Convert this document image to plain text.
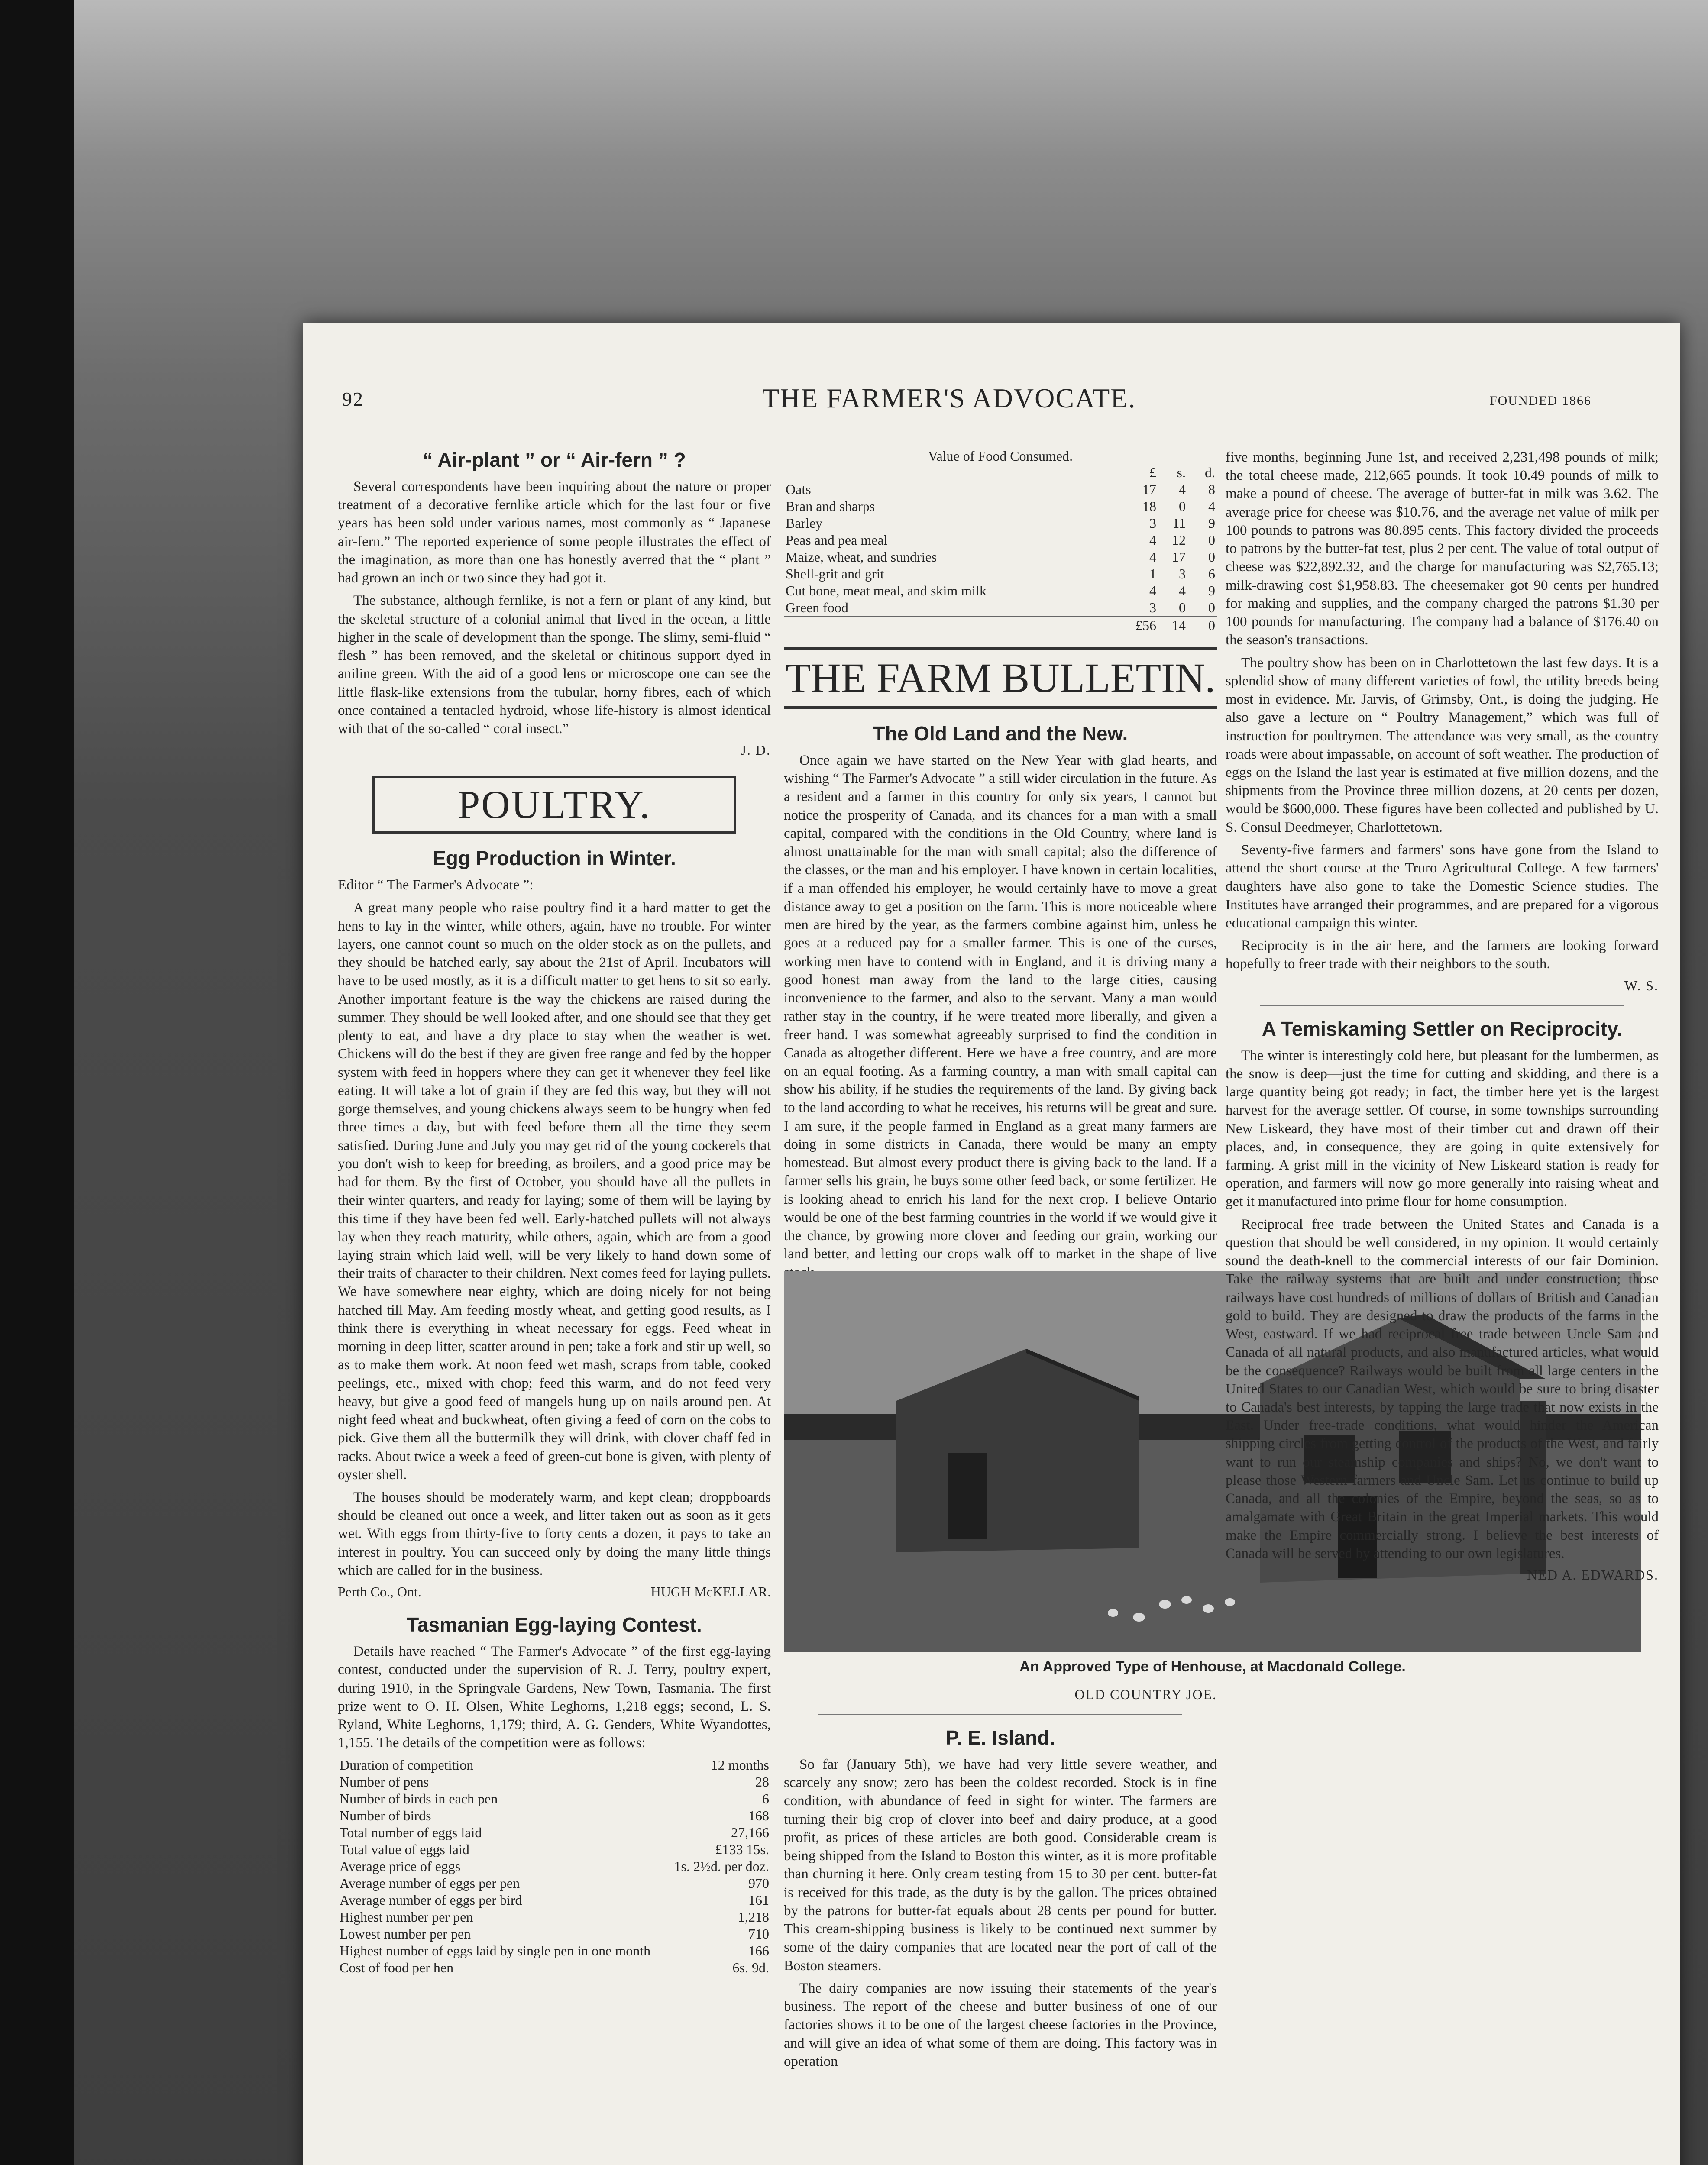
92	THE FARMER'S ADVOCATE.	FOUNDED 1866
“ Air-plant ” or “ Air-fern ” ?

Several correspondents have been inquiring about the nature or proper treatment of a decorative fernlike article which for the last four or five years has been sold under various names, most commonly as “ Japanese air-fern.” The reported experience of some people illustrates the effect of the imagination, as more than one has honestly averred that the “ plant ” had grown an inch or two since they had got it.

The substance, although fernlike, is not a fern or plant of any kind, but the skeletal structure of a colonial animal that lived in the ocean, a little higher in the scale of development than the sponge. The slimy, semi-fluid “ flesh ” has been removed, and the skeletal or chitinous support dyed in aniline green. With the aid of a good lens or microscope one can see the little flask-like extensions from the tubular, horny fibres, each of which once contained a tentacled hydroid, whose life-history is almost identical with that of the so-called “ coral insect.”

J. D.
POULTRY.
Egg Production in Winter.

Editor “ The Farmer's Advocate ”:

A great many people who raise poultry find it a hard matter to get the hens to lay in the winter, while others, again, have no trouble. For winter layers, one cannot count so much on the older stock as on the pullets, and they should be hatched early, say about the 21st of April. Incubators will have to be used mostly, as it is a difficult matter to get hens to sit so early. Another important feature is the way the chickens are raised during the summer. They should be well looked after, and one should see that they get plenty to eat, and have a dry place to stay when the weather is wet. Chickens will do the best if they are given free range and fed by the hopper system with feed in hoppers where they can get it whenever they feel like eating. It will take a lot of grain if they are fed this way, but they will not gorge themselves, and young chickens always seem to be hungry when fed three times a day, but with feed before them all the time they seem satisfied. During June and July you may get rid of the young cockerels that you don't wish to keep for breeding, as broilers, and a good price may be had for them. By the first of October, you should have all the pullets in their winter quarters, and ready for laying; some of them will be laying by this time if they have been fed well. Early-hatched pullets will not always lay when they reach maturity, while others, again, which are from a good laying strain which laid well, will be very likely to hand down some of their traits of character to their children. Next comes feed for laying pullets. We have somewhere near eighty, which are doing nicely for not being hatched till May. Am feeding mostly wheat, and getting good results, as I think there is everything in wheat necessary for eggs. Feed wheat in morning in deep litter, scatter around in pen; take a fork and stir up well, so as to make them work. At noon feed wet mash, scraps from table, cooked peelings, etc., mixed with chop; feed this warm, and do not feed very heavy, but give a good feed of mangels hung up on nails around pen. At night feed wheat and buckwheat, often giving a feed of corn on the cobs to pick. Give them all the buttermilk they will drink, with clover chaff fed in racks. About twice a week a feed of green-cut bone is given, with plenty of oyster shell.

The houses should be moderately warm, and kept clean; droppboards should be cleaned out once a week, and litter taken out as soon as it gets wet. With eggs from thirty-five to forty cents a dozen, it pays to take an interest in poultry. You can succeed only by doing the many little things which are called for in the business.

Perth Co., Ont.	HUGH McKELLAR.
Tasmanian Egg-laying Contest.

Details have reached “ The Farmer's Advocate ” of the first egg-laying contest, conducted under the supervision of R. J. Terry, poultry expert, during 1910, in the Springvale Gardens, New Town, Tasmania. The first prize went to O. H. Olsen, White Leghorns, 1,218 eggs; second, L. S. Ryland, White Leghorns, 1,179; third, A. G. Genders, White Wyandottes, 1,155. The details of the competition were as follows:

Duration of competition	12 months
Number of pens	28
Number of birds in each pen	6
Number of birds	168
Total number of eggs laid	27,166
Total value of eggs laid	£133 15s.
Average price of eggs	1s. 2½d. per doz.
Average number of eggs per pen	970
Average number of eggs per bird	161
Highest number per pen	1,218
Lowest number per pen	710
Highest number of eggs laid by single pen in one month	166
Cost of food per hen	6s. 9d.
Value of Food Consumed.
	£	s.	d.
Oats	17	4	8
Bran and sharps	18	0	4
Barley	3	11	9
Peas and pea meal	4	12	0
Maize, wheat, and sundries	4	17	0
Shell-grit and grit	1	3	6
Cut bone, meat meal, and skim milk	4	4	9
Green food	3	0	0
	£56	14	0
THE FARM BULLETIN.
The Old Land and the New.

Once again we have started on the New Year with glad hearts, and wishing “ The Farmer's Advocate ” a still wider circulation in the future. As a resident and a farmer in this country for only six years, I cannot but notice the prosperity of Canada, and its chances for a man with a small capital, compared with the conditions in the Old Country, where land is almost unattainable for the man with small capital; also the difference of the classes, or the man and his employer. I have known in certain localities, if a man offended his employer, he would certainly have to move a great distance away to get a position on the farm. This is more noticeable where men are hired by the year, as the farmers combine against him, unless he goes at a reduced pay for a smaller farmer. This is one of the curses, working men have to contend with in England, and it is driving many a good honest man away from the land to the large cities, causing inconvenience to the farmer, and also to the servant. Many a man would rather stay in the country, if he were treated more liberally, and given a freer hand. I was somewhat agreeably surprised to find the condition in Canada as altogether different. Here we have a free country, and are more on an equal footing. As a farming country, a man with small capital can show his ability, if he studies the requirements of the land. By giving back to the land according to what he receives, his returns will be great and sure. I am sure, if the people farmed in England as a great many farmers are doing in some districts in Canada, there would be many an empty homestead. But almost every product there is giving back to the land. If a farmer sells his grain, he buys some other feed back, or some fertilizer. He is looking ahead to enrich his land for the next crop. I believe Ontario would be one of the best farming countries in the world if we would give it the chance, by growing more clover and feeding our grain, working our land better, and letting our crops walk off to market in the shape of live

An Approved Type of Henhouse, at Macdonald College.
OLD COUNTRY JOE.
P. E. Island.

So far (January 5th), we have had very little severe weather, and scarcely any snow; zero has been the coldest recorded. Stock is in fine condition, with abundance of feed in sight for winter. The farmers are turning their big crop of clover into beef and dairy produce, at a good profit, as prices of these articles are both good. Considerable cream is being shipped from the Island to Boston this winter, as it is more profitable than churning it here. Only cream testing from 15 to 30 per cent. butter-fat is received for this trade, as the duty is by the gallon. The prices obtained by the patrons for butter-fat equals about 28 cents per pound for butter. This cream-shipping business is likely to be continued next summer by some of the dairy companies that are located near the port of call of the Boston steamers.

The dairy companies are now issuing their statements of the year's business. The report of the cheese and butter business of one of our factories shows it to be one of the largest cheese factories in the Province, and will give an idea of what some of them are doing. This factory was in operation

five months, beginning June 1st, and received 2,231,498 pounds of milk; the total cheese made, 212,665 pounds. It took 10.49 pounds of milk to make a pound of cheese. The average of butter-fat in milk was 3.62. The average price for cheese was $10.76, and the average net value of milk per 100 pounds to patrons was 80.895 cents. This factory divided the proceeds to patrons by the butter-fat test, plus 2 per cent. The value of total output of cheese was $22,892.32, and the charge for manufacturing was $2,765.13; milk-drawing cost $1,958.83. The cheesemaker got 90 cents per hundred for making and supplies, and the company charged the patrons $1.30 per 100 pounds for manufacturing. The company had a balance of $176.40 on the season's transactions.

The poultry show has been on in Charlottetown the last few days. It is a splendid show of many different varieties of fowl, the utility breeds being most in evidence. Mr. Jarvis, of Grimsby, Ont., is doing the judging. He also gave a lecture on “ Poultry Management,” which was full of instruction for poultrymen. The attendance was very small, as the country roads were about impassable, on account of soft weather. The production of eggs on the Island the last year is estimated at five million dozens, and the shipments from the Province three million dozens, at 20 cents per dozen, would be $600,000. These figures have been collected and published by U. S. Consul Deedmeyer, Charlottetown.

Seventy-five farmers and farmers' sons have gone from the Island to attend the short course at the Truro Agricultural College. A few farmers' daughters have also gone to take the Domestic Science studies. The Institutes have arranged their programmes, and are prepared for a vigorous educational campaign this winter.

Reciprocity is in the air here, and the farmers are looking forward hopefully to freer trade with their neighbors to the south.

W. S.
A Temiskaming Settler on Reciprocity.

The winter is interestingly cold here, but pleasant for the lumbermen, as the snow is deep—just the time for cutting and skidding, and there is a large quantity being got ready; in fact, the timber here yet is the largest harvest for the average settler. Of course, in some townships surrounding New Liskeard, they have most of their timber cut and drawn off their places, and, in consequence, they are going in quite extensively for farming. A grist mill in the vicinity of New Liskeard station is ready for operation, and farmers will now go more generally into raising wheat and get it manufactured into prime flour for home consumption.

Reciprocal free trade between the United States and Canada is a question that should be well considered, in my opinion. It would certainly sound the death-knell to the commercial interests of our fair Dominion. Take the railway systems that are built and under construction; those railways have cost hundreds of millions of dollars of British and Canadian gold to build. They are designed to draw the products of the farms in the West, eastward. If we had reciprocal free trade between Uncle Sam and Canada of all natural products, and also manufactured articles, what would be the consequence? Railways would be built from all large centers in the United States to our Canadian West, which would be sure to bring disaster to Canada's best interests, by tapping the large trade that now exists in the East. Under free-trade conditions, what would hinder the American shipping circles from getting control of the products of the West, and fairly want to run our steamship companies and ships? No, we don't want to please those Western farmers and Uncle Sam. Let us continue to build up Canada, and all the colonies of the Empire, beyond the seas, so as to amalgamate with Great Britain in the great Imperial markets. This would make the Empire commercially strong. I believe the best interests of Canada will be served by attending to our own legislatures.

NED A. EDWARDS.
